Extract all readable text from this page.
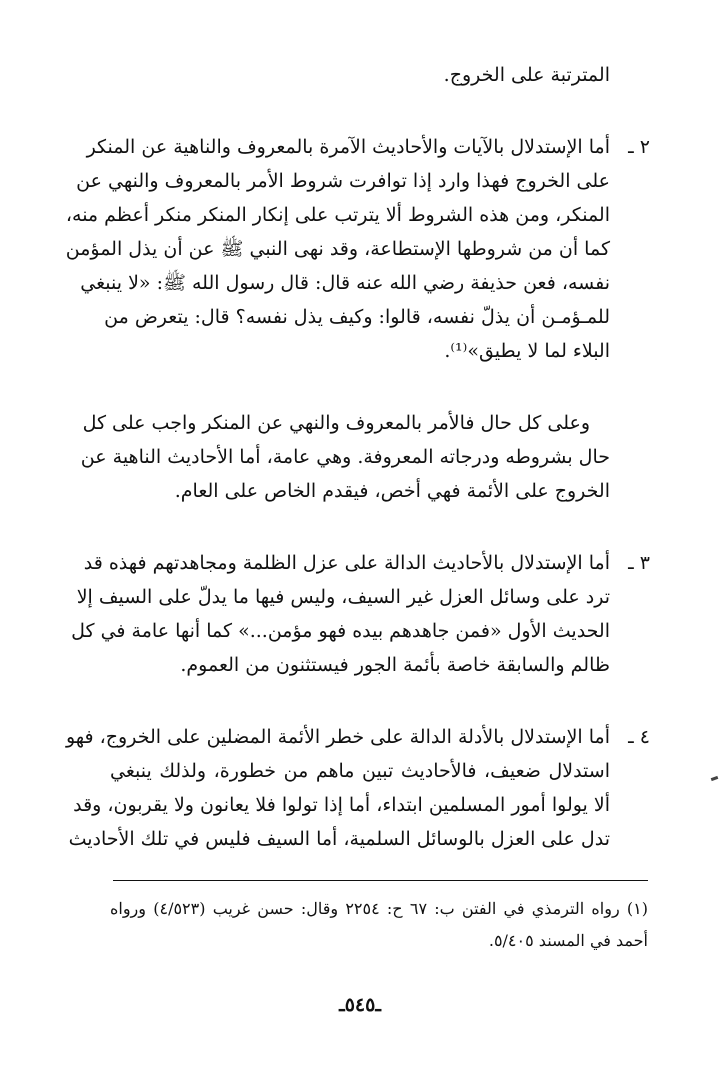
المترتبة على الخروج.
٢ ـ
أما الإستدلال بالآيات والأحاديث الآمرة بالمعروف والناهية عن المنكر
على الخروج فهذا وارد إذا توافرت شروط الأمر بالمعروف والنهي عن
المنكر، ومن هذه الشروط ألا يترتب على إنكار المنكر منكر أعظم منه،
كما أن من شروطها الإستطاعة، وقد نهى النبي ﷺ عن أن يذل المؤمن
نفسه، فعن حذيفة رضي الله عنه قال: قال رسول الله ﷺ: «لا ينبغي
للمـؤمـن أن يذلّ نفسه، قالوا: وكيف يذل نفسه؟ قال: يتعرض من
البلاء لما لا يطيق»⁽¹⁾.
وعلى كل حال فالأمر بالمعروف والنهي عن المنكر واجب على كل
حال بشروطه ودرجاته المعروفة. وهي عامة، أما الأحاديث الناهية عن
الخروج على الأئمة فهي أخص، فيقدم الخاص على العام.
٣ ـ
أما الإستدلال بالأحاديث الدالة على عزل الظلمة ومجاهدتهم فهذه قد
ترد على وسائل العزل غير السيف، وليس فيها ما يدلّ على السيف إلا
الحديث الأول «فمن جاهدهم بيده فهو مؤمن...» كما أنها عامة في كل
ظالم والسابقة خاصة بأئمة الجور فيستثنون من العموم.
٤ ـ
أما الإستدلال بالأدلة الدالة على خطر الأئمة المضلين على الخروج، فهو
استدلال ضعيف، فالأحاديث تبين ماهم من خطورة، ولذلك ينبغي
ألا يولوا أمور المسلمين ابتداء، أما إذا تولوا فلا يعانون ولا يقربون، وقد
تدل على العزل بالوسائل السلمية، أما السيف فليس في تلك الأحاديث
(١) رواه الترمذي في الفتن ب: ٦٧ ح: ٢٢٥٤ وقال: حسن غريب (٤/٥٢٣) ورواه
أحمد في المسند ٥/٤٠٥.
ـ٥٤٥ـ
